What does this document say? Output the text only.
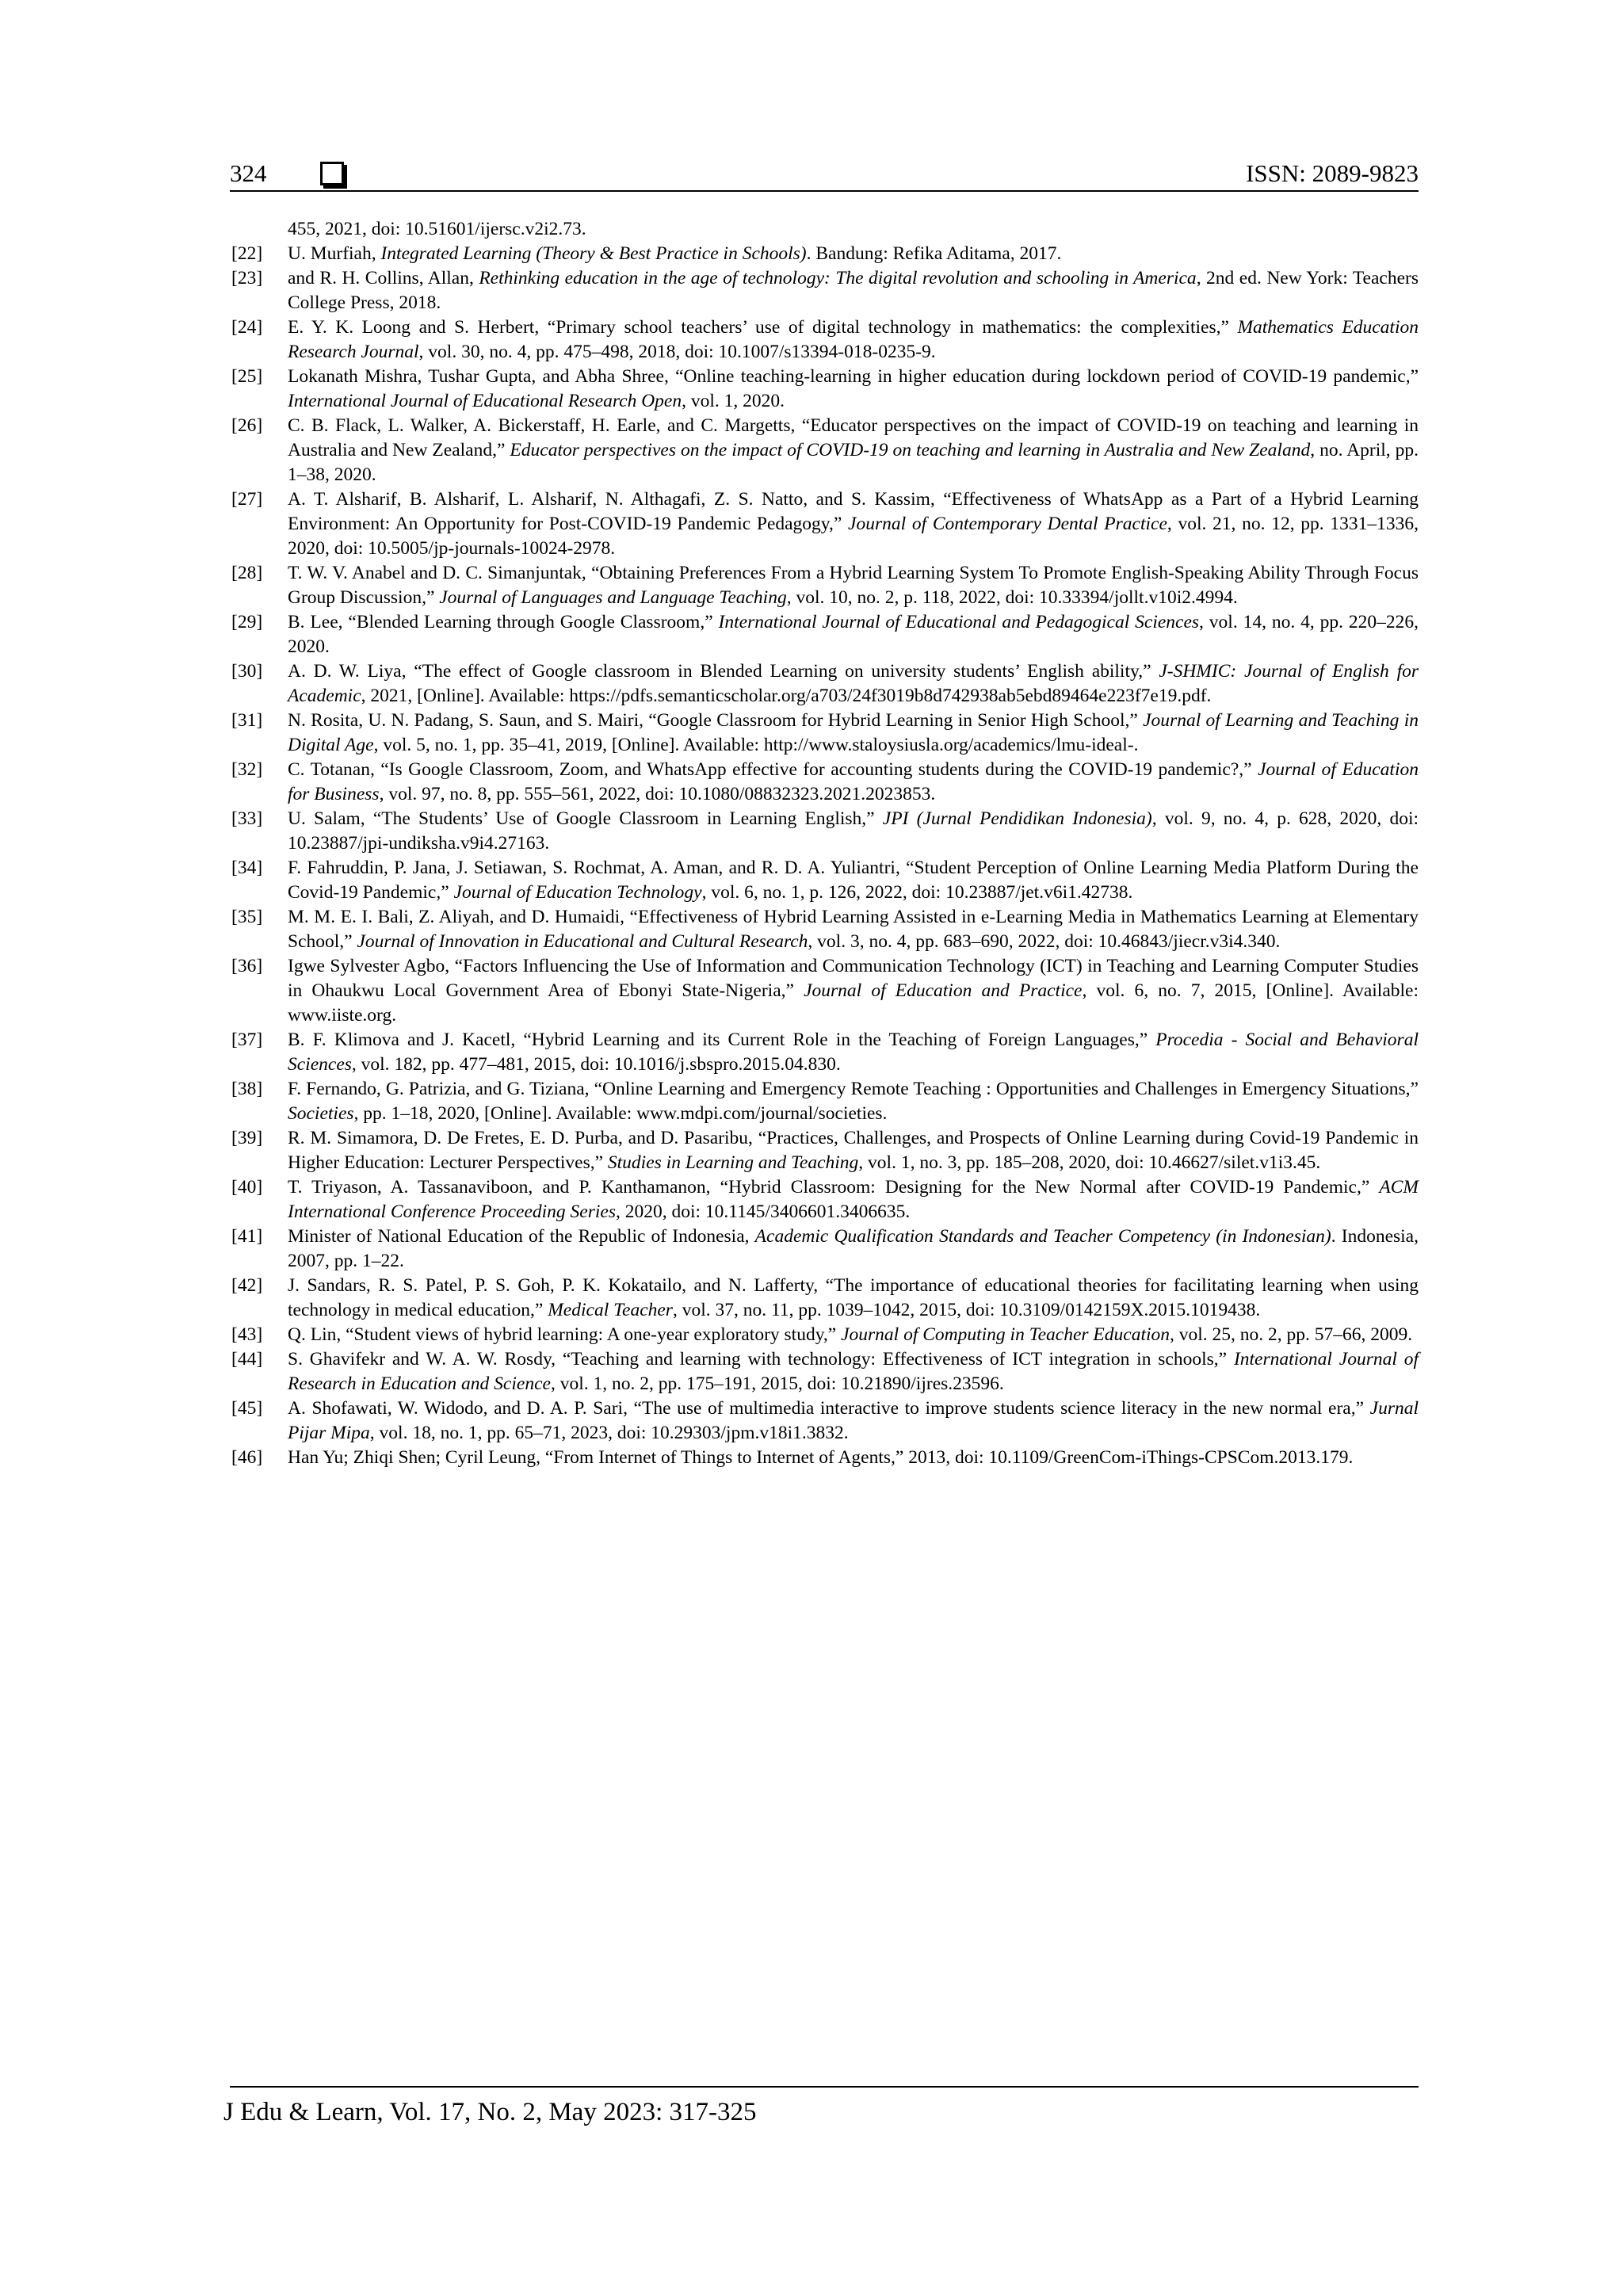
324	ISSN: 2089-9823
455, 2021, doi: 10.51601/ijersc.v2i2.73.
[22] U. Murfiah, Integrated Learning (Theory & Best Practice in Schools). Bandung: Refika Aditama, 2017.
[23] and R. H. Collins, Allan, Rethinking education in the age of technology: The digital revolution and schooling in America, 2nd ed. New York: Teachers College Press, 2018.
[24] E. Y. K. Loong and S. Herbert, “Primary school teachers’ use of digital technology in mathematics: the complexities,” Mathematics Education Research Journal, vol. 30, no. 4, pp. 475–498, 2018, doi: 10.1007/s13394-018-0235-9.
[25] Lokanath Mishra, Tushar Gupta, and Abha Shree, “Online teaching-learning in higher education during lockdown period of COVID-19 pandemic,” International Journal of Educational Research Open, vol. 1, 2020.
[26] C. B. Flack, L. Walker, A. Bickerstaff, H. Earle, and C. Margetts, “Educator perspectives on the impact of COVID-19 on teaching and learning in Australia and New Zealand,” Educator perspectives on the impact of COVID-19 on teaching and learning in Australia and New Zealand, no. April, pp. 1–38, 2020.
[27] A. T. Alsharif, B. Alsharif, L. Alsharif, N. Althagafi, Z. S. Natto, and S. Kassim, “Effectiveness of WhatsApp as a Part of a Hybrid Learning Environment: An Opportunity for Post-COVID-19 Pandemic Pedagogy,” Journal of Contemporary Dental Practice, vol. 21, no. 12, pp. 1331–1336, 2020, doi: 10.5005/jp-journals-10024-2978.
[28] T. W. V. Anabel and D. C. Simanjuntak, “Obtaining Preferences From a Hybrid Learning System To Promote English-Speaking Ability Through Focus Group Discussion,” Journal of Languages and Language Teaching, vol. 10, no. 2, p. 118, 2022, doi: 10.33394/jollt.v10i2.4994.
[29] B. Lee, “Blended Learning through Google Classroom,” International Journal of Educational and Pedagogical Sciences, vol. 14, no. 4, pp. 220–226, 2020.
[30] A. D. W. Liya, “The effect of Google classroom in Blended Learning on university students’ English ability,” J-SHMIC: Journal of English for Academic, 2021, [Online]. Available: https://pdfs.semanticscholar.org/a703/24f3019b8d742938ab5ebd89464e223f7e19.pdf.
[31] N. Rosita, U. N. Padang, S. Saun, and S. Mairi, “Google Classroom for Hybrid Learning in Senior High School,” Journal of Learning and Teaching in Digital Age, vol. 5, no. 1, pp. 35–41, 2019, [Online]. Available: http://www.staloysiusla.org/academics/lmu-ideal-.
[32] C. Totanan, “Is Google Classroom, Zoom, and WhatsApp effective for accounting students during the COVID-19 pandemic?,” Journal of Education for Business, vol. 97, no. 8, pp. 555–561, 2022, doi: 10.1080/08832323.2021.2023853.
[33] U. Salam, “The Students’ Use of Google Classroom in Learning English,” JPI (Jurnal Pendidikan Indonesia), vol. 9, no. 4, p. 628, 2020, doi: 10.23887/jpi-undiksha.v9i4.27163.
[34] F. Fahruddin, P. Jana, J. Setiawan, S. Rochmat, A. Aman, and R. D. A. Yuliantri, “Student Perception of Online Learning Media Platform During the Covid-19 Pandemic,” Journal of Education Technology, vol. 6, no. 1, p. 126, 2022, doi: 10.23887/jet.v6i1.42738.
[35] M. M. E. I. Bali, Z. Aliyah, and D. Humaidi, “Effectiveness of Hybrid Learning Assisted in e-Learning Media in Mathematics Learning at Elementary School,” Journal of Innovation in Educational and Cultural Research, vol. 3, no. 4, pp. 683–690, 2022, doi: 10.46843/jiecr.v3i4.340.
[36] Igwe Sylvester Agbo, “Factors Influencing the Use of Information and Communication Technology (ICT) in Teaching and Learning Computer Studies in Ohaukwu Local Government Area of Ebonyi State-Nigeria,” Journal of Education and Practice, vol. 6, no. 7, 2015, [Online]. Available: www.iiste.org.
[37] B. F. Klimova and J. Kacetl, “Hybrid Learning and its Current Role in the Teaching of Foreign Languages,” Procedia - Social and Behavioral Sciences, vol. 182, pp. 477–481, 2015, doi: 10.1016/j.sbspro.2015.04.830.
[38] F. Fernando, G. Patrizia, and G. Tiziana, “Online Learning and Emergency Remote Teaching : Opportunities and Challenges in Emergency Situations,” Societies, pp. 1–18, 2020, [Online]. Available: www.mdpi.com/journal/societies.
[39] R. M. Simamora, D. De Fretes, E. D. Purba, and D. Pasaribu, “Practices, Challenges, and Prospects of Online Learning during Covid-19 Pandemic in Higher Education: Lecturer Perspectives,” Studies in Learning and Teaching, vol. 1, no. 3, pp. 185–208, 2020, doi: 10.46627/silet.v1i3.45.
[40] T. Triyason, A. Tassanaviboon, and P. Kanthamanon, “Hybrid Classroom: Designing for the New Normal after COVID-19 Pandemic,” ACM International Conference Proceeding Series, 2020, doi: 10.1145/3406601.3406635.
[41] Minister of National Education of the Republic of Indonesia, Academic Qualification Standards and Teacher Competency (in Indonesian). Indonesia, 2007, pp. 1–22.
[42] J. Sandars, R. S. Patel, P. S. Goh, P. K. Kokatailo, and N. Lafferty, “The importance of educational theories for facilitating learning when using technology in medical education,” Medical Teacher, vol. 37, no. 11, pp. 1039–1042, 2015, doi: 10.3109/0142159X.2015.1019438.
[43] Q. Lin, “Student views of hybrid learning: A one-year exploratory study,” Journal of Computing in Teacher Education, vol. 25, no. 2, pp. 57–66, 2009.
[44] S. Ghavifekr and W. A. W. Rosdy, “Teaching and learning with technology: Effectiveness of ICT integration in schools,” International Journal of Research in Education and Science, vol. 1, no. 2, pp. 175–191, 2015, doi: 10.21890/ijres.23596.
[45] A. Shofawati, W. Widodo, and D. A. P. Sari, “The use of multimedia interactive to improve students science literacy in the new normal era,” Jurnal Pijar Mipa, vol. 18, no. 1, pp. 65–71, 2023, doi: 10.29303/jpm.v18i1.3832.
[46] Han Yu; Zhiqi Shen; Cyril Leung, “From Internet of Things to Internet of Agents,” 2013, doi: 10.1109/GreenCom-iThings-CPSCom.2013.179.
J Edu & Learn, Vol. 17, No. 2, May 2023: 317-325
